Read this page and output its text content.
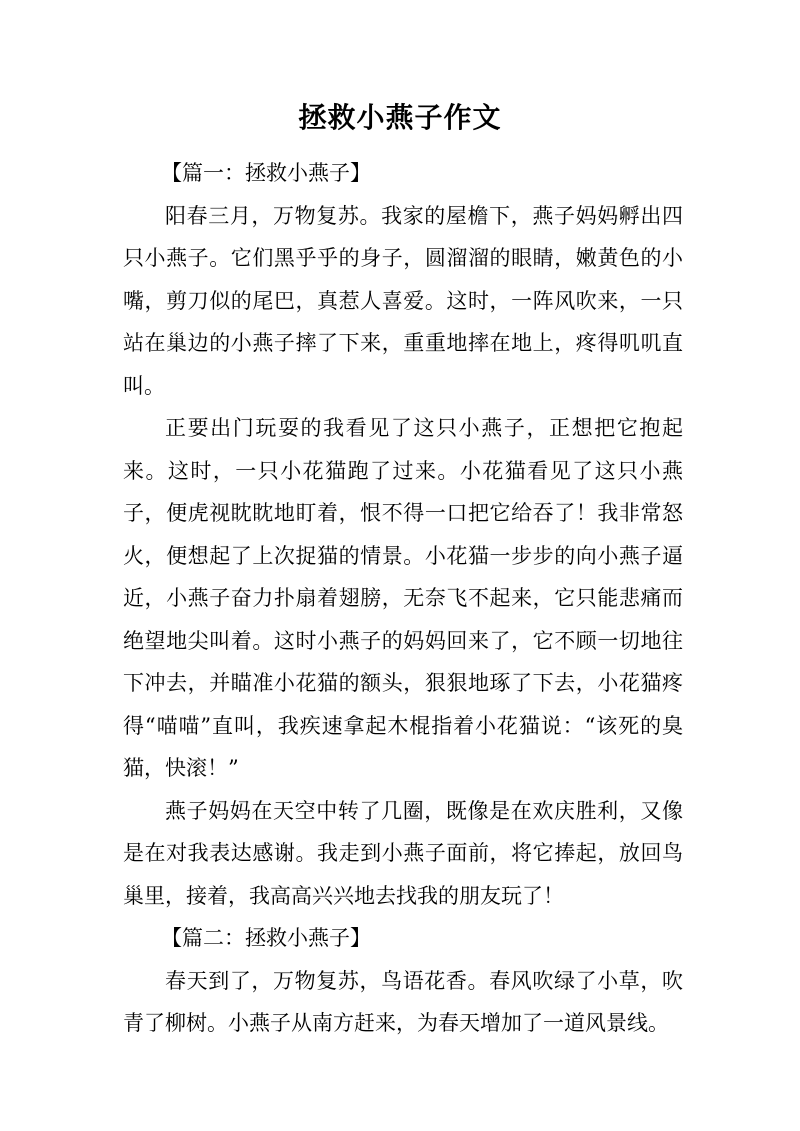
拯救小燕子作文

【篇一：拯救小燕子】

阳春三月，万物复苏。我家的屋檐下，燕子妈妈孵出四只小燕子。它们黑乎乎的身子，圆溜溜的眼睛，嫩黄色的小嘴，剪刀似的尾巴，真惹人喜爱。这时，一阵风吹来，一只站在巢边的小燕子摔了下来，重重地摔在地上，疼得叽叽直叫。

正要出门玩耍的我看见了这只小燕子，正想把它抱起来。这时，一只小花猫跑了过来。小花猫看见了这只小燕子，便虎视眈眈地盯着，恨不得一口把它给吞了！我非常怒火，便想起了上次捉猫的情景。小花猫一步步的向小燕子逼近，小燕子奋力扑扇着翅膀，无奈飞不起来，它只能悲痛而绝望地尖叫着。这时小燕子的妈妈回来了，它不顾一切地往下冲去，并瞄准小花猫的额头，狠狠地琢了下去，小花猫疼得“喵喵”直叫，我疾速拿起木棍指着小花猫说：“该死的臭猫，快滚！”

燕子妈妈在天空中转了几圈，既像是在欢庆胜利，又像是在对我表达感谢。我走到小燕子面前，将它捧起，放回鸟巢里，接着，我高高兴兴地去找我的朋友玩了！

【篇二：拯救小燕子】

春天到了，万物复苏，鸟语花香。春风吹绿了小草，吹青了柳树。小燕子从南方赶来，为春天增加了一道风景线。
